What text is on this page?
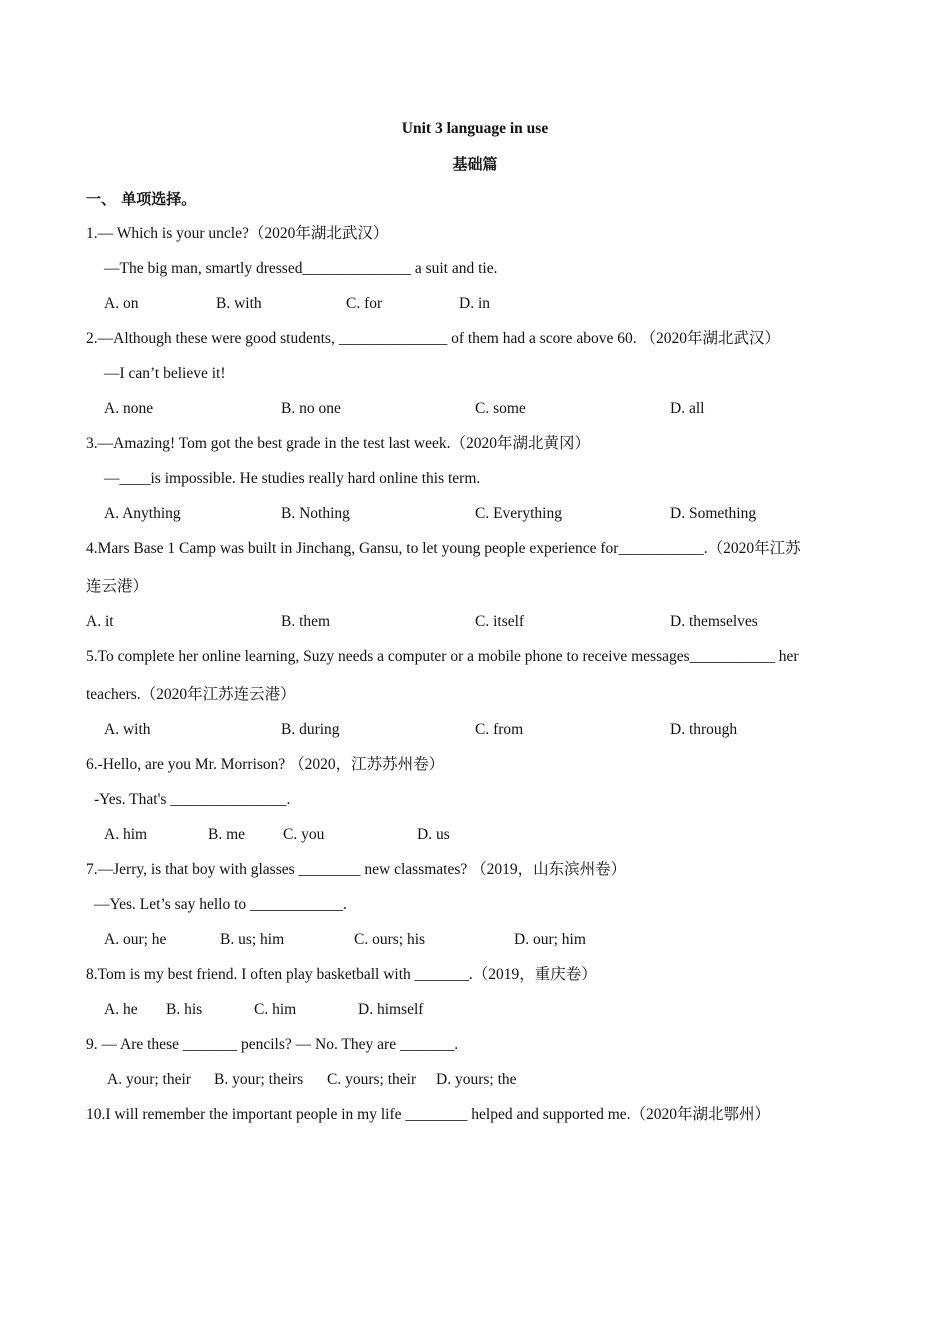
Unit 3 language in use
基础篇
一、 单项选择。
1.— Which is your uncle?（2020年湖北武汉）
—The big man, smartly dressed______________ a suit and tie.
A. on	B. with	C. for	D. in
2.—Although these were good students, ______________ of them had a score above 60. （2020年湖北武汉）
—I can’t believe it!
A. none	B. no one	C. some	D. all
3.—Amazing! Tom got the best grade in the test last week.（2020年湖北黄冈）
—____is impossible. He studies really hard online this term.
A. Anything	B. Nothing	C. Everything	D. Something
4.Mars Base 1 Camp was built in Jinchang, Gansu, to let young people experience for___________.（2020年江苏
连云港）
A. it	B. them	C. itself	D. themselves
5.To complete her online learning, Suzy needs a computer or a mobile phone to receive messages___________ her
teachers.（2020年江苏连云港）
A. with	B. during	C. from	D. through
6.-Hello, are you Mr. Morrison? （2020，江苏苏州卷）
-Yes. That's _______________.
A. him	B. me C. you	D. us
7.—Jerry, is that boy with glasses ________ new classmates? （2019，山东滨州卷）
—Yes. Let’s say hello to ____________.
A. our; he	B. us; him	C. ours; his	D. our; him
8.Tom is my best friend. I often play basketball with _______.（2019，重庆卷）
A. he B. his	C. him	D. himself
9. — Are these _______ pencils? — No. They are _______.
A. your; their B. your; theirs C. yours; their D. yours; the
10.I will remember the important people in my life ________ helped and supported me.（2020年湖北鄂州）
